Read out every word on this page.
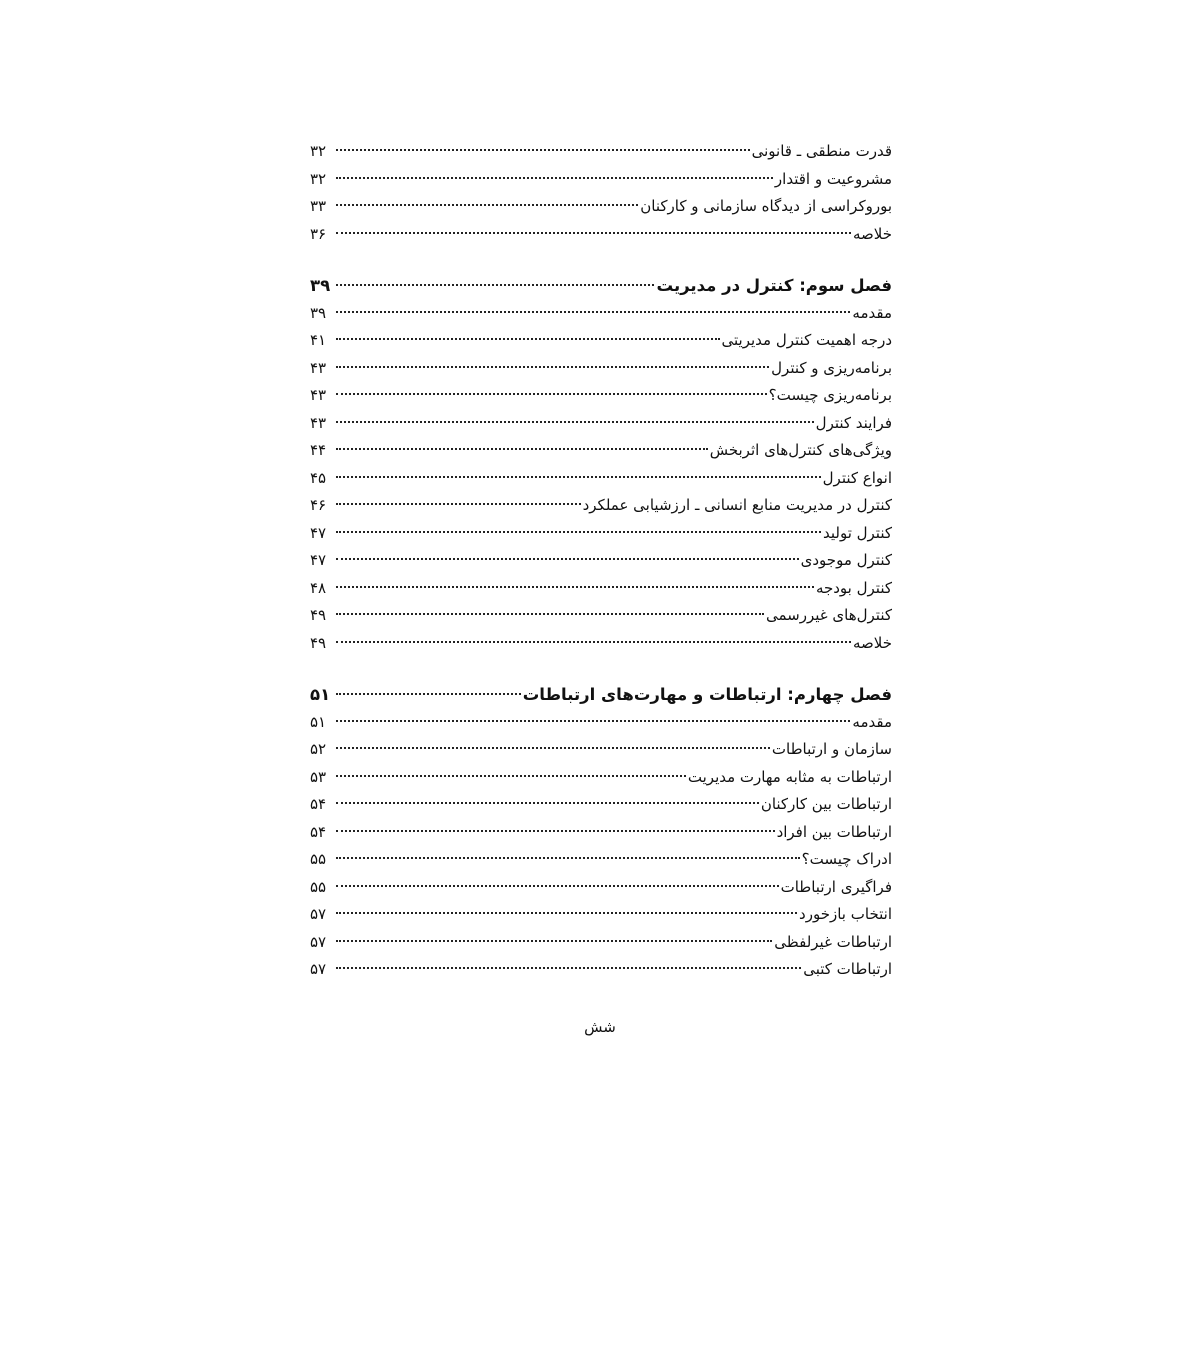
قدرت منطقی ـ قانونی
۳۲
مشروعیت و اقتدار
۳۲
بوروکراسی از دیدگاه سازمانی و کارکنان
۳۳
خلاصه
۳۶
فصل سوم: کنترل در مدیریت
۳۹
مقدمه
۳۹
درجه اهمیت کنترل مدیریتی
۴۱
برنامه‌ریزی و کنترل
۴۳
برنامه‌ریزی چیست؟
۴۳
فرایند کنترل
۴۳
ویژگی‌های کنترل‌های اثربخش
۴۴
انواع کنترل
۴۵
کنترل در مدیریت منابع انسانی ـ ارزشیابی عملکرد
۴۶
کنترل تولید
۴۷
کنترل موجودی
۴۷
کنترل بودجه
۴۸
کنترل‌های غیررسمی
۴۹
خلاصه
۴۹
فصل چهارم: ارتباطات و مهارت‌های ارتباطات
۵۱
مقدمه
۵۱
سازمان و ارتباطات
۵۲
ارتباطات به مثابه مهارت مدیریت
۵۳
ارتباطات بین کارکنان
۵۴
ارتباطات بین افراد
۵۴
ادراک چیست؟
۵۵
فراگیری ارتباطات
۵۵
انتخاب بازخورد
۵۷
ارتباطات غیرلفظی
۵۷
ارتباطات کتبی
۵۷
شش
